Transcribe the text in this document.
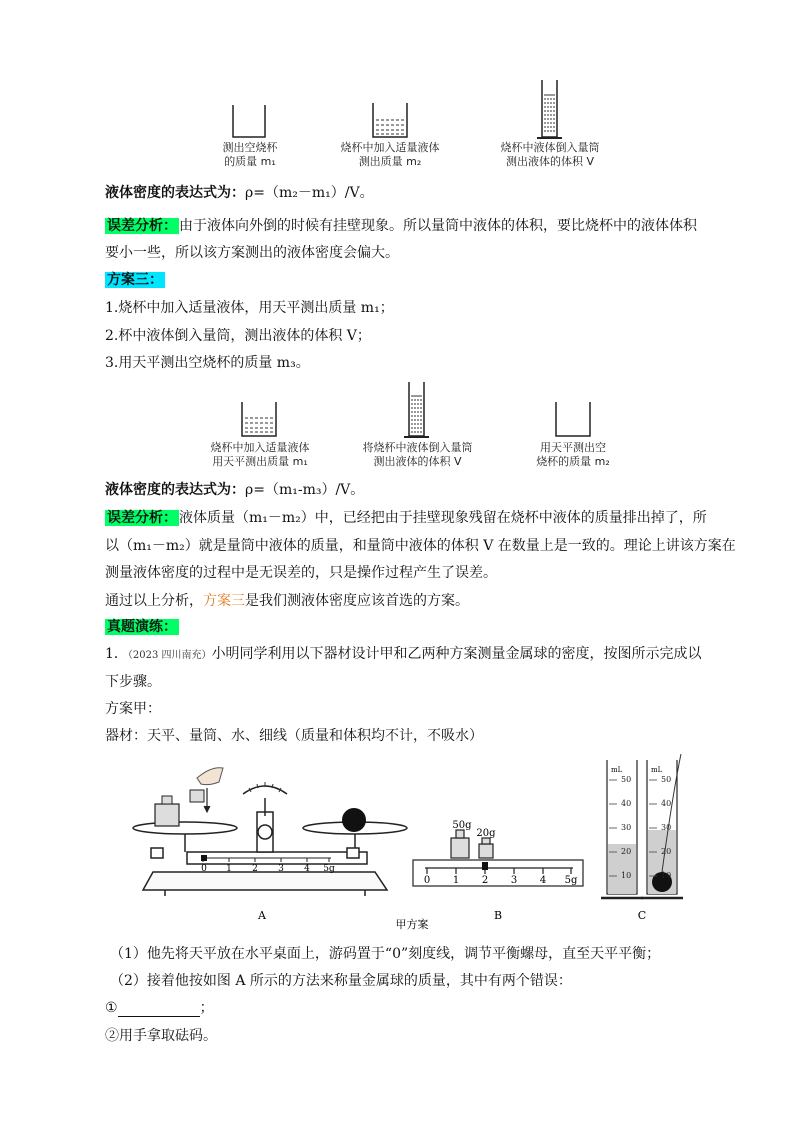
测出空烧杯
的质量 m₁
烧杯中加入适量液体
测出质量 m₂
烧杯中液体倒入量筒
测出液体的体积 V
液体密度的表达式为：ρ=（m₂－m₁）/V。
误差分析： 由于液体向外倒的时候有挂壁现象。所以量筒中液体的体积，要比烧杯中的液体体积
要小一些，所以该方案测出的液体密度会偏大。
方案三：
1.烧杯中加入适量液体，用天平测出质量 m₁；
2.杯中液体倒入量筒，测出液体的体积 V；
3.用天平测出空烧杯的质量 m₃。
烧杯中加入适量液体
用天平测出质量 m₁
将烧杯中液体倒入量筒
测出液体的体积 V
用天平测出空
烧杯的质量 m₂
液体密度的表达式为：ρ=（m₁-m₃）/V。
误差分析： 液体质量（m₁－m₂）中，已经把由于挂壁现象残留在烧杯中液体的质量排出掉了，所
以（m₁－m₂）就是量筒中液体的质量，和量筒中液体的体积 V 在数量上是一致的。理论上讲该方案在
测量液体密度的过程中是无误差的，只是操作过程产生了误差。
通过以上分析，方案三是我们测液体密度应该首选的方案。
真题演练：
1．（2023 四川南充）小明同学利用以下器材设计甲和乙两种方案测量金属球的密度，按图所示完成以
下步骤。
方案甲：
器材：天平、量筒、水、细线（质量和体积均不计，不吸水）
0 1 2 3 4 5g
50g
20g
0 1 2 3 4 5g
mL	mL
50
40
30
20
10
50
40
30
20
10
A	B	C
甲方案
（1）他先将天平放在水平桌面上，游码置于“0”刻度线，调节平衡螺母，直至天平平衡；
（2）接着他按如图 A 所示的方法来称量金属球的质量，其中有两个错误：
①	；
②用手拿取砝码。
